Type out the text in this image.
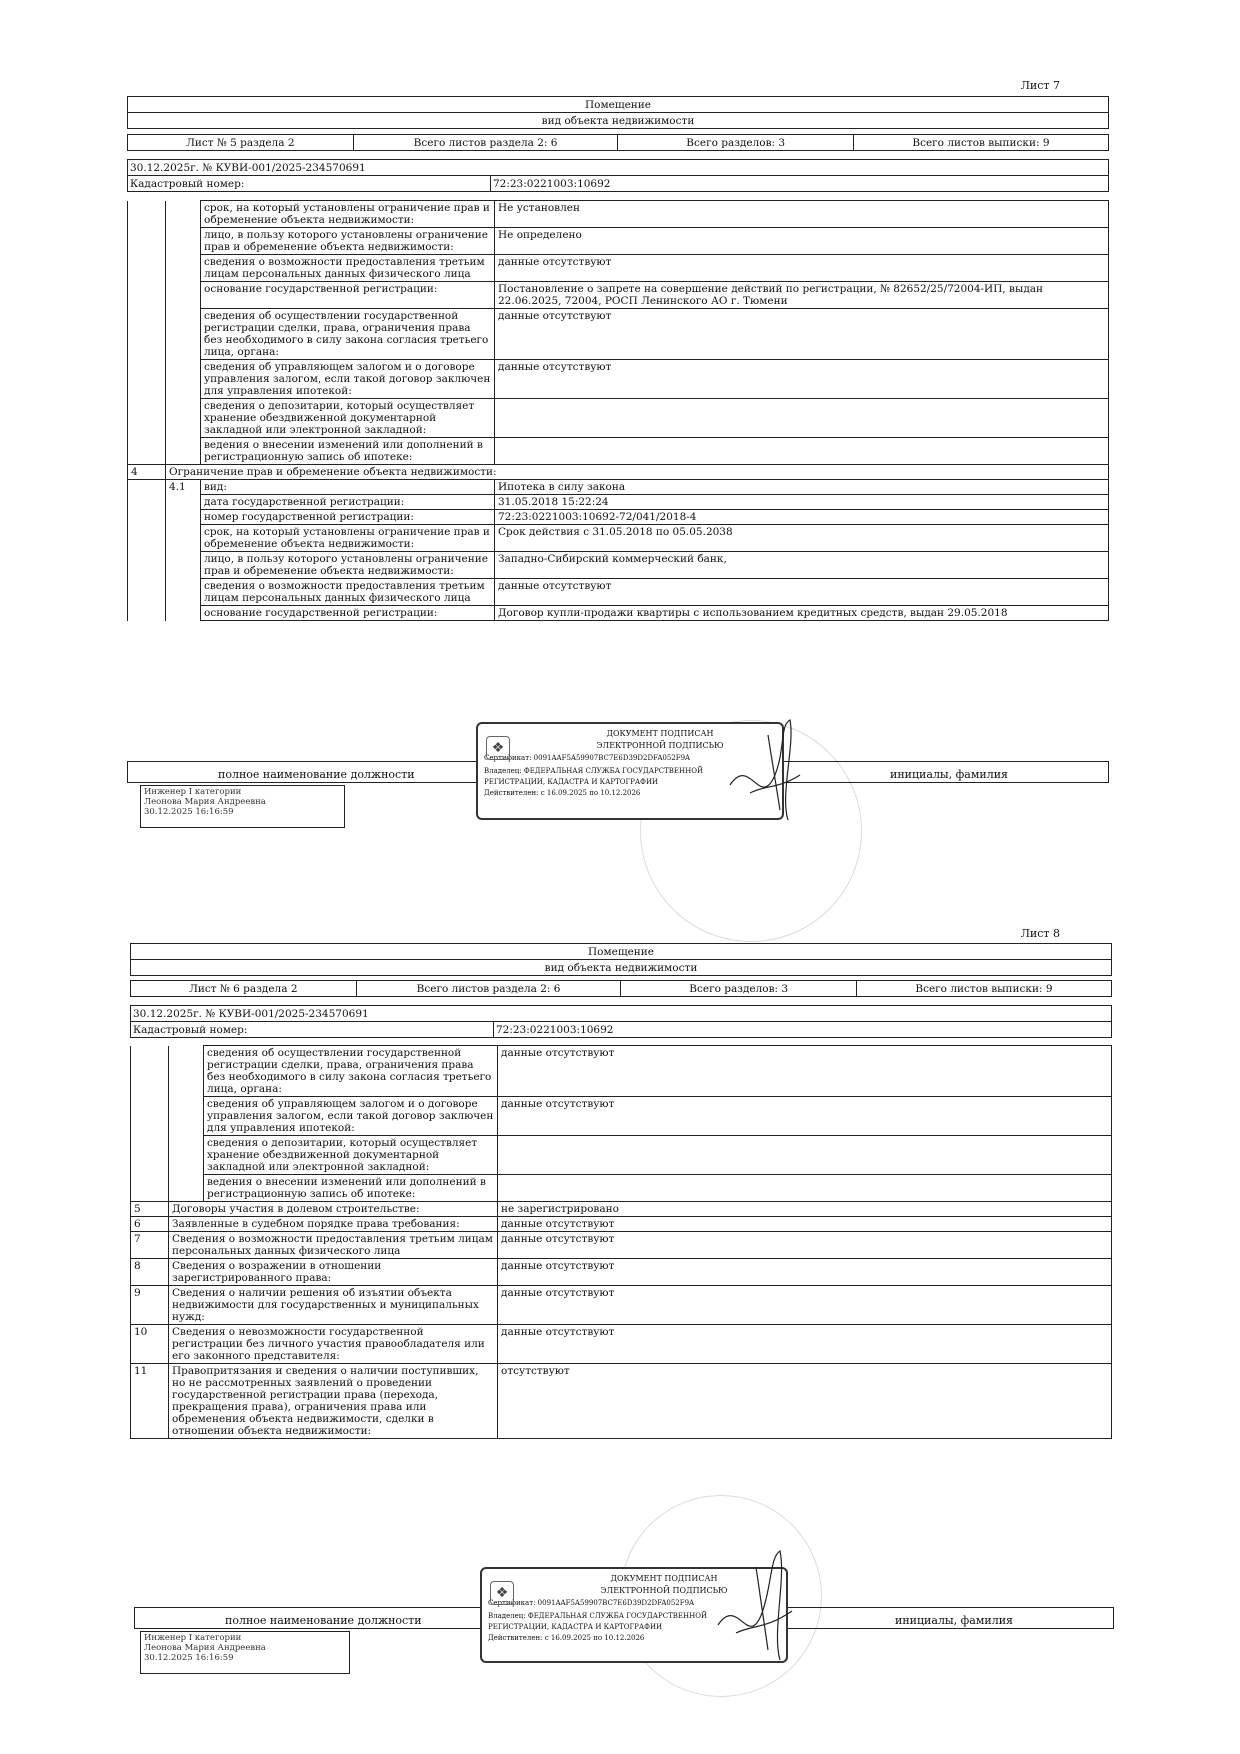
Лист 7
Помещение
вид объекта недвижимости
Лист № 5 раздела 2	Всего листов раздела 2: 6	Всего разделов: 3	Всего листов выписки: 9
30.12.2025г. № КУВИ-001/2025-234570691
Кадастровый номер:	72:23:0221003:10692
		срок, на который установлены ограничение прав и обременение объекта недвижимости:	Не установлен
		лицо, в пользу которого установлены ограничение прав и обременение объекта недвижимости:	Не определено
		сведения о возможности предоставления третьим лицам персональных данных физического лица	данные отсутствуют
		основание государственной регистрации:	Постановление о запрете на совершение действий по регистрации, № 82652/25/72004-ИП, выдан 22.06.2025, 72004, РОСП Ленинского АО г. Тюмени
		сведения об осуществлении государственной регистрации сделки, права, ограничения права без необходимого в силу закона согласия третьего лица, органа:	данные отсутствуют
		сведения об управляющем залогом и о договоре управления залогом, если такой договор заключен для управления ипотекой:	данные отсутствуют
		сведения о депозитарии, который осуществляет хранение обездвиженной документарной закладной или электронной закладной:	
		ведения о внесении изменений или дополнений в регистрационную запись об ипотеке:	
4	Ограничение прав и обременение объекта недвижимости:		
	4.1	вид:	Ипотека в силу закона
		дата государственной регистрации:	31.05.2018 15:22:24
		номер государственной регистрации:	72:23:0221003:10692-72/041/2018-4
		срок, на который установлены ограничение прав и обременение объекта недвижимости:	Срок действия с 31.05.2018 по 05.05.2038
		лицо, в пользу которого установлены ограничение прав и обременение объекта недвижимости:	Западно-Сибирский коммерческий банк,
		сведения о возможности предоставления третьим лицам персональных данных физического лица	данные отсутствуют
		основание государственной регистрации:	Договор купли-продажи квартиры с использованием кредитных средств, выдан 29.05.2018
полное наименование должности	инициалы, фамилия
❖
ДОКУМЕНТ ПОДПИСАН
ЭЛЕКТРОННОЙ ПОДПИСЬЮ
Сертификат: 0091AAF5A59907BC7E6D39D2DFA052F9A
Владелец: ФЕДЕРАЛЬНАЯ СЛУЖБА ГОСУДАРСТВЕННОЙ
РЕГИСТРАЦИИ, КАДАСТРА И КАРТОГРАФИИ
Действителен: с 16.09.2025 по 10.12.2026
Инженер I категории
Леонова Мария Андреевна
30.12.2025 16:16:59
Лист 8
Помещение
вид объекта недвижимости
Лист № 6 раздела 2	Всего листов раздела 2: 6	Всего разделов: 3	Всего листов выписки: 9
30.12.2025г. № КУВИ-001/2025-234570691
Кадастровый номер:	72:23:0221003:10692
		сведения об осуществлении государственной регистрации сделки, права, ограничения права без необходимого в силу закона согласия третьего лица, органа:	данные отсутствуют
		сведения об управляющем залогом и о договоре управления залогом, если такой договор заключен для управления ипотекой:	данные отсутствуют
		сведения о депозитарии, который осуществляет хранение обездвиженной документарной закладной или электронной закладной:	
		ведения о внесении изменений или дополнений в регистрационную запись об ипотеке:	
5	Договоры участия в долевом строительстве:		не зарегистрировано
6	Заявленные в судебном порядке права требования:		данные отсутствуют
7	Сведения о возможности предоставления третьим лицам персональных данных физического лица		данные отсутствуют
8	Сведения о возражении в отношении зарегистрированного права:		данные отсутствуют
9	Сведения о наличии решения об изъятии объекта недвижимости для государственных и муниципальных нужд:		данные отсутствуют
10	Сведения о невозможности государственной регистрации без личного участия правообладателя или его законного представителя:		данные отсутствуют
11	Правопритязания и сведения о наличии поступивших, но не рассмотренных заявлений о проведении государственной регистрации права (перехода, прекращения права), ограничения права или обременения объекта недвижимости, сделки в отношении объекта недвижимости:		отсутствуют
полное наименование должности	инициалы, фамилия
❖
ДОКУМЕНТ ПОДПИСАН
ЭЛЕКТРОННОЙ ПОДПИСЬЮ
Сертификат: 0091AAF5A59907BC7E6D39D2DFA052F9A
Владелец: ФЕДЕРАЛЬНАЯ СЛУЖБА ГОСУДАРСТВЕННОЙ
РЕГИСТРАЦИИ, КАДАСТРА И КАРТОГРАФИИ
Действителен: с 16.09.2025 по 10.12.2026
Инженер I категории
Леонова Мария Андреевна
30.12.2025 16:16:59
